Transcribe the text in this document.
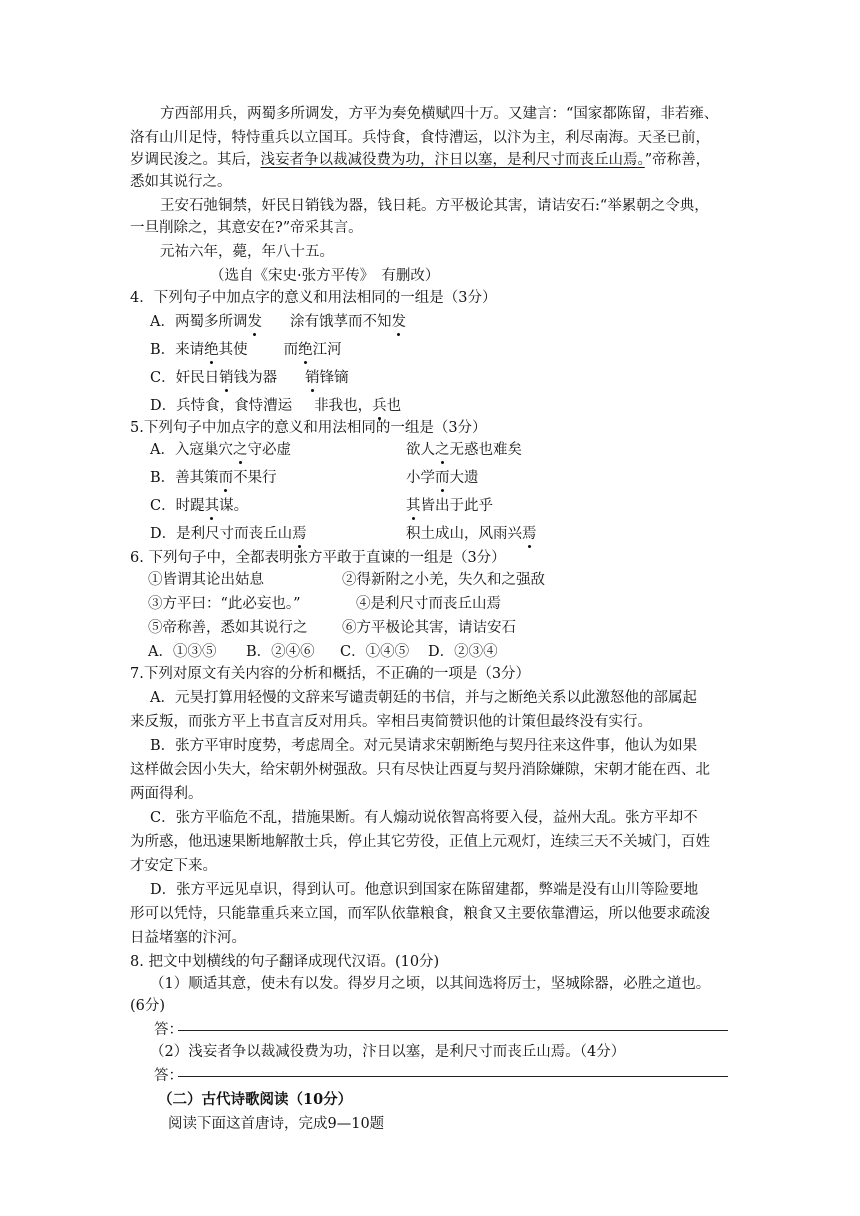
方西部用兵，两蜀多所调发，方平为奏免横赋四十万。又建言：“国家都陈留，非若雍、
洛有山川足恃，特恃重兵以立国耳。兵恃食，食恃漕运，以汴为主，利尽南海。天圣已前，
岁调民浚之。其后，浅妄者争以裁减役费为功，汴日以塞，是利尺寸而丧丘山焉。”帝称善，
悉如其说行之。
王安石弛铜禁，奸民日销钱为器，钱日耗。方平极论其害，请诘安石:“举累朝之令典，
一旦削除之，其意安在?”帝采其言。
元祐六年，薨，年八十五。
（选自《宋史·张方平传》　有删改）
4．下列句子中加点字的意义和用法相同的一组是（3分）
A．两蜀多所调发 涂有饿莩而不知发
B．来请绝其使 而绝江河
C．奸民日销钱为器 销锋镝
D．兵恃食，食恃漕运 非我也，兵也
5.下列句子中加点字的意义和用法相同的一组是（3分）
A．入寇巢穴之守必虚	欲人之无惑也难矣
B．善其策而不果行	小学而大遗
C．时踶其谋。	其皆出于此乎
D．是利尺寸而丧丘山焉	积土成山，风雨兴焉
6. 下列句子中，全都表明张方平敢于直谏的一组是（3分）
①皆谓其论出姑息	②得新附之小羌，失久和之强敌
③方平曰：“此必妄也。”	④是利尺寸而丧丘山焉
⑤帝称善，悉如其说行之 ⑥方平极论其害，请诘安石
A．①③⑤ B．②④⑥ C．①④⑤ D．②③④
7.下列对原文有关内容的分析和概括，不正确的一项是（3分）
A．元昊打算用轻慢的文辞来写谴责朝廷的书信，并与之断绝关系以此激怒他的部属起
来反叛，而张方平上书直言反对用兵。宰相吕夷简赞识他的计策但最终没有实行。
B．张方平审时度势，考虑周全。对元昊请求宋朝断绝与契丹往来这件事，他认为如果
这样做会因小失大，给宋朝外树强敌。只有尽快让西夏与契丹消除嫌隙，宋朝才能在西、北
两面得利。
C．张方平临危不乱，措施果断。有人煽动说依智高将要入侵，益州大乱。张方平却不
为所惑，他迅速果断地解散士兵，停止其它劳役，正值上元观灯，连续三天不关城门，百姓
才安定下来。
D．张方平远见卓识，得到认可。他意识到国家在陈留建都，弊端是没有山川等险要地
形可以凭恃，只能靠重兵来立国，而军队依靠粮食，粮食又主要依靠漕运，所以他要求疏浚
日益堵塞的汴河。
8. 把文中划横线的句子翻译成现代汉语。(10分)
（1）顺适其意，使未有以发。得岁月之顷，以其间选将厉士，坚城除器，必胜之道也。
(6分)
答：
（2）浅妄者争以裁减役费为功，汴日以塞，是利尺寸而丧丘山焉。（4分）
答：
（二）古代诗歌阅读（10分）
阅读下面这首唐诗，完成9—10题
